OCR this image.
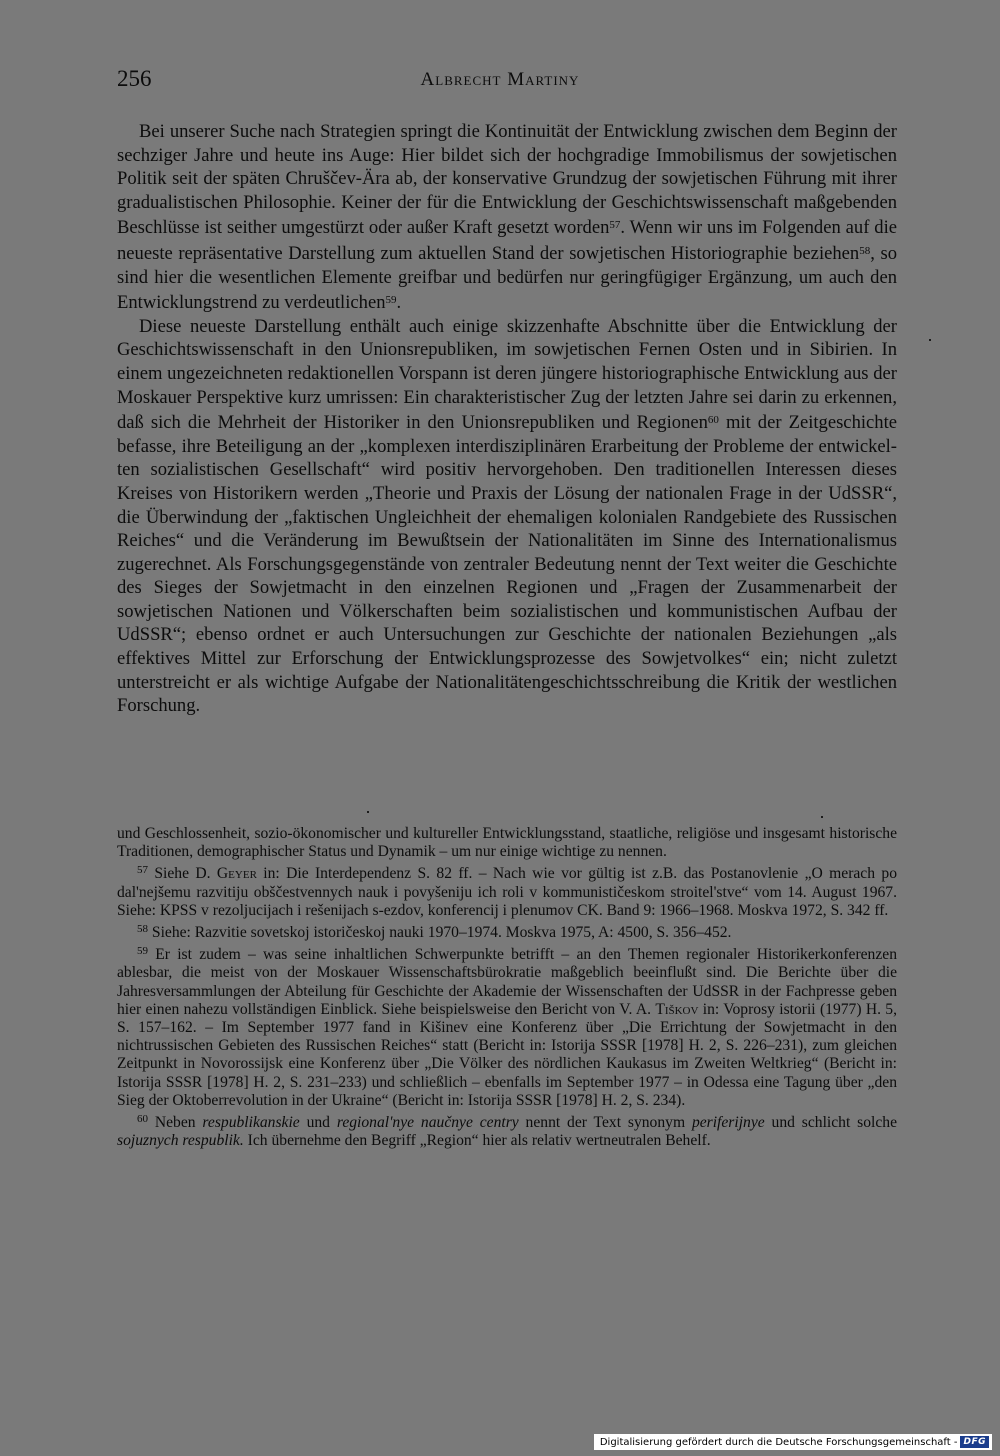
256	Albrecht Martiny

Bei unserer Suche nach Strategien springt die Kontinuität der Entwicklung zwischen dem Beginn der sechziger Jahre und heute ins Auge: Hier bildet sich der hochgradige Immobilismus der sowjetischen Politik seit der späten Chruščev-Ära ab, der konservative Grundzug der sowjetischen Führung mit ihrer gradualistischen Philosophie. Keiner der für die Entwicklung der Geschichtswissenschaft maßgebenden Beschlüsse ist seither umgestürzt oder außer Kraft gesetzt worden$^{57}$. Wenn wir uns im Folgenden auf die neueste repräsentative Darstellung zum aktuellen Stand der sowjetischen Historiographie beziehen$^{58}$, so sind hier die wesentlichen Elemente greifbar und bedürfen nur geringfügiger Ergänzung, um auch den Entwicklungstrend zu verdeutlichen$^{59}$.

Diese neueste Darstellung enthält auch einige skizzenhafte Abschnitte über die Entwicklung der Geschichtswissenschaft in den Unionsrepubliken, im sowjetischen Fernen Osten und in Sibirien. In einem ungezeichneten redaktionellen Vorspann ist deren jüngere historiographische Entwicklung aus der Moskauer Perspektive kurz umrissen: Ein charakteristischer Zug der letzten Jahre sei darin zu erkennen, daß sich die Mehrheit der Historiker in den Unionsrepubliken und Regionen$^{60}$ mit der Zeitgeschichte befasse, ihre Beteiligung an der „komplexen interdisziplinären Erarbeitung der Probleme der entwickelten sozialistischen Gesellschaft“ wird positiv hervorgehoben. Den traditionellen Interessen dieses Kreises von Historikern werden „Theorie und Praxis der Lösung der nationalen Frage in der UdSSR“, die Überwindung der „faktischen Ungleichheit der ehemaligen kolonialen Randgebiete des Russischen Reiches“ und die Veränderung im Bewußtsein der Nationalitäten im Sinne des Internationalismus zugerechnet. Als Forschungsgegenstände von zentraler Bedeutung nennt der Text weiter die Geschichte des Sieges der Sowjetmacht in den einzelnen Regionen und „Fragen der Zusammenarbeit der sowjetischen Nationen und Völkerschaften beim sozialistischen und kommunistischen Aufbau der UdSSR“; ebenso ordnet er auch Untersuchungen zur Geschichte der nationalen Beziehungen „als effektives Mittel zur Erforschung der Entwicklungsprozesse des Sowjetvolkes“ ein; nicht zuletzt unterstreicht er als wichtige Aufgabe der Nationalitätengeschichtsschreibung die Kritik der westlichen Forschung.

und Geschlossenheit, sozio-ökonomischer und kultureller Entwicklungsstand, staatliche, religiöse und insgesamt historische Traditionen, demographischer Status und Dynamik – um nur einige wichtige zu nennen.

$^{57}$ Siehe D. Geyer in: Die Interdependenz S. 82 ff. – Nach wie vor gültig ist z.B. das Postanovlenie „O merach po dal'nejšemu razvitiju obščestvennych nauk i povyšeniju ich roli v kommunističeskom stroitel'stve“ vom 14. August 1967. Siehe: KPSS v rezoljucijach i rešenijach s-ezdov, konferencij i plenumov CK. Band 9: 1966–1968. Moskva 1972, S. 342 ff.

$^{58}$ Siehe: Razvitie sovetskoj istoričeskoj nauki 1970–1974. Moskva 1975, A: 4500, S. 356–452.

$^{59}$ Er ist zudem – was seine inhaltlichen Schwerpunkte betrifft – an den Themen regionaler Historikerkonferenzen ablesbar, die meist von der Moskauer Wissenschaftsbürokratie maßgeblich beeinflußt sind. Die Berichte über die Jahresversammlungen der Abteilung für Geschichte der Akademie der Wissenschaften der UdSSR in der Fachpresse geben hier einen nahezu vollständigen Einblick. Siehe beispielsweise den Bericht von V. A. Tiškov in: Voprosy istorii (1977) H. 5, S. 157–162. – Im September 1977 fand in Kišinev eine Konferenz über „Die Errichtung der Sowjetmacht in den nichtrussischen Gebieten des Russischen Reiches“ statt (Bericht in: Istorija SSSR [1978] H. 2, S. 226–231), zum gleichen Zeitpunkt in Novorossijsk eine Konferenz über „Die Völker des nördlichen Kaukasus im Zweiten Weltkrieg“ (Bericht in: Istorija SSSR [1978] H. 2, S. 231–233) und schließlich – ebenfalls im September 1977 – in Odessa eine Tagung über „den Sieg der Oktoberrevolution in der Ukraine“ (Bericht in: Istorija SSSR [1978] H. 2, S. 234).

$^{60}$ Neben respublikanskie und regional'nye naučnye centry nennt der Text synonym periferijnye und schlicht solche sojuznych respublik. Ich übernehme den Begriff „Region“ hier als relativ wertneutralen Behelf.

Digitalisierung gefördert durch die Deutsche Forschungsgemeinschaft - DFG
